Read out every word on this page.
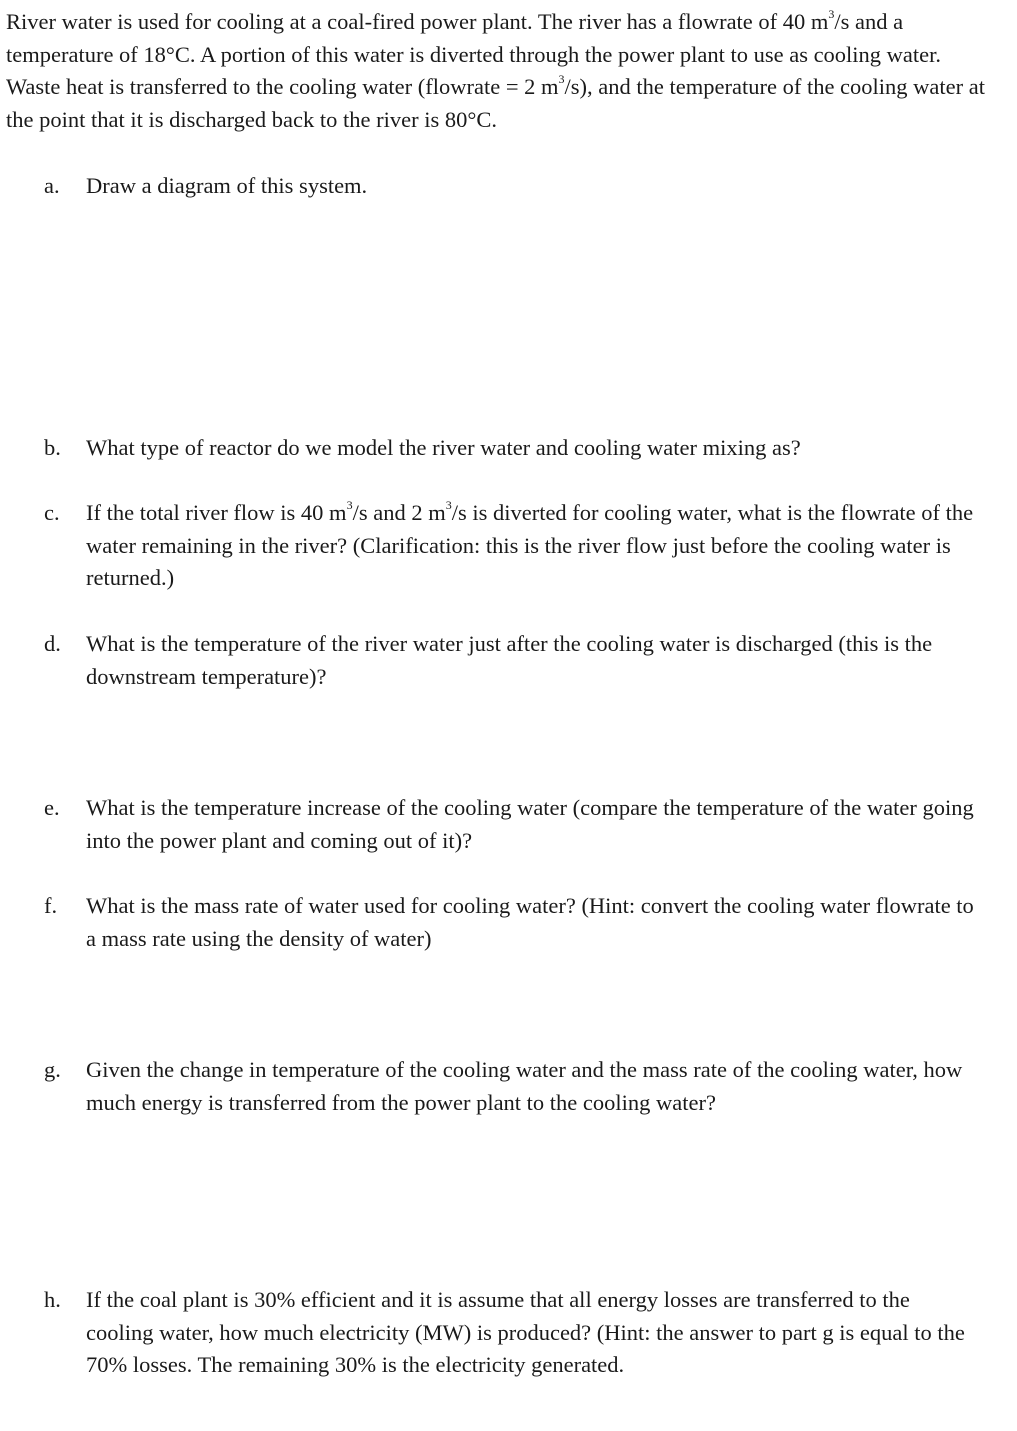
River water is used for cooling at a coal-fired power plant. The river has a flowrate of 40 $m^3/s$ and a temperature of 18°C. A portion of this water is diverted through the power plant to use as cooling water. Waste heat is transferred to the cooling water (flowrate = 2 $m^3/s$), and the temperature of the cooling water at the point that it is discharged back to the river is 80°C.

a. Draw a diagram of this system.
b. What type of reactor do we model the river water and cooling water mixing as?
c. If the total river flow is 40 $m^3/s$ and 2 $m^3/s$ is diverted for cooling water, what is the flowrate of the water remaining in the river? (Clarification: this is the river flow just before the cooling water is returned.)
d. What is the temperature of the river water just after the cooling water is discharged (this is the downstream temperature)?
e. What is the temperature increase of the cooling water (compare the temperature of the water going into the power plant and coming out of it)?
f. What is the mass rate of water used for cooling water? (Hint: convert the cooling water flowrate to a mass rate using the density of water)
g. Given the change in temperature of the cooling water and the mass rate of the cooling water, how much energy is transferred from the power plant to the cooling water?
h. If the coal plant is 30% efficient and it is assume that all energy losses are transferred to the cooling water, how much electricity (MW) is produced? (Hint: the answer to part g is equal to the 70% losses. The remaining 30% is the electricity generated.
